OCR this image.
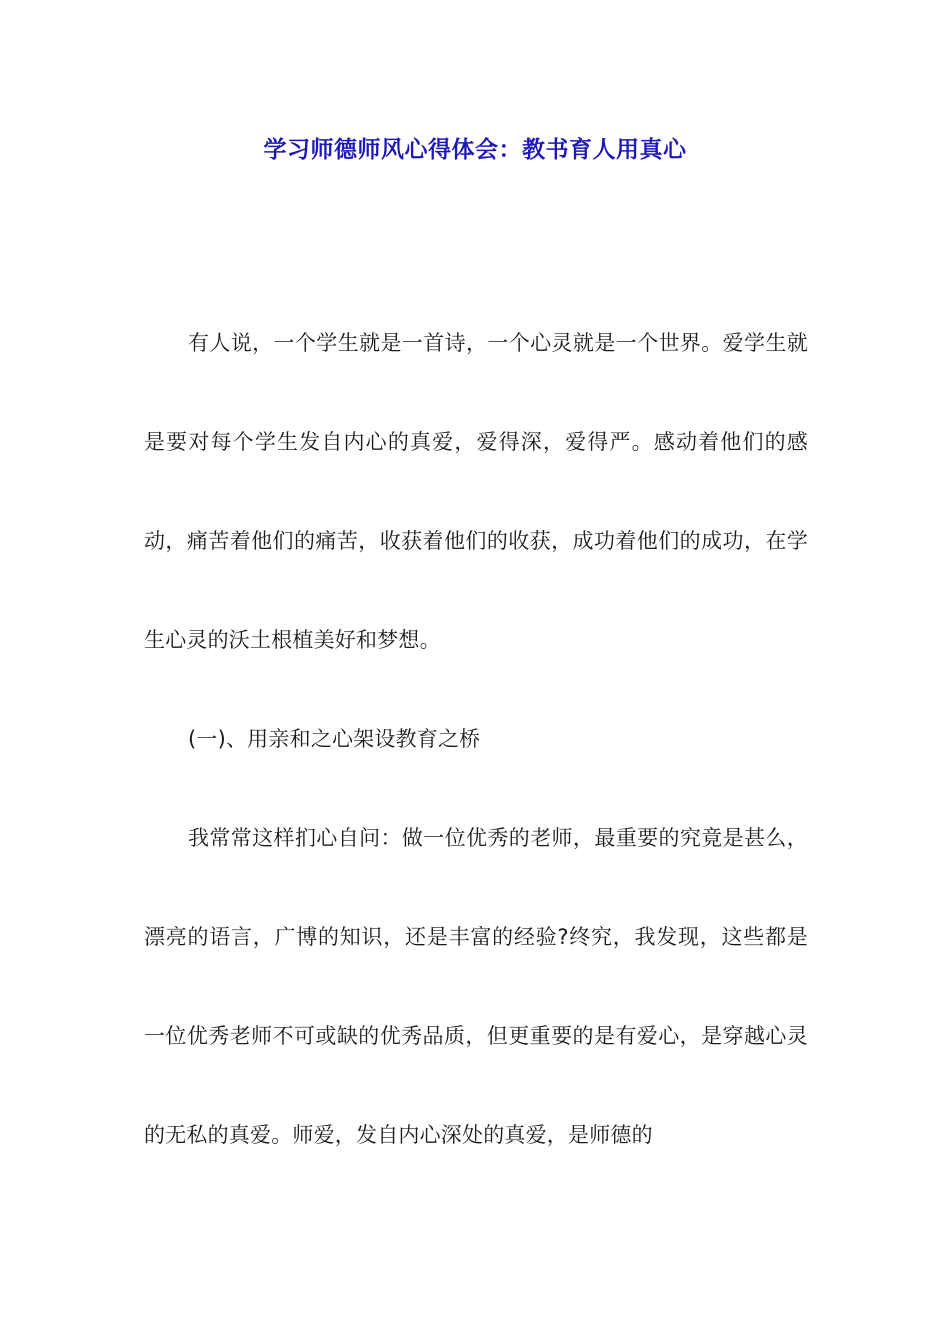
学习师德师风心得体会：教书育人用真心

有人说，一个学生就是一首诗，一个心灵就是一个世界。爱学生就是要对每个学生发自内心的真爱，爱得深，爱得严。感动着他们的感动，痛苦着他们的痛苦，收获着他们的收获，成功着他们的成功，在学生心灵的沃土根植美好和梦想。

(一)、用亲和之心架设教育之桥

我常常这样扪心自问：做一位优秀的老师，最重要的究竟是甚么，漂亮的语言，广博的知识，还是丰富的经验?终究，我发现，这些都是一位优秀老师不可或缺的优秀品质，但更重要的是有爱心，是穿越心灵的无私的真爱。师爱，发自内心深处的真爱，是师德的
